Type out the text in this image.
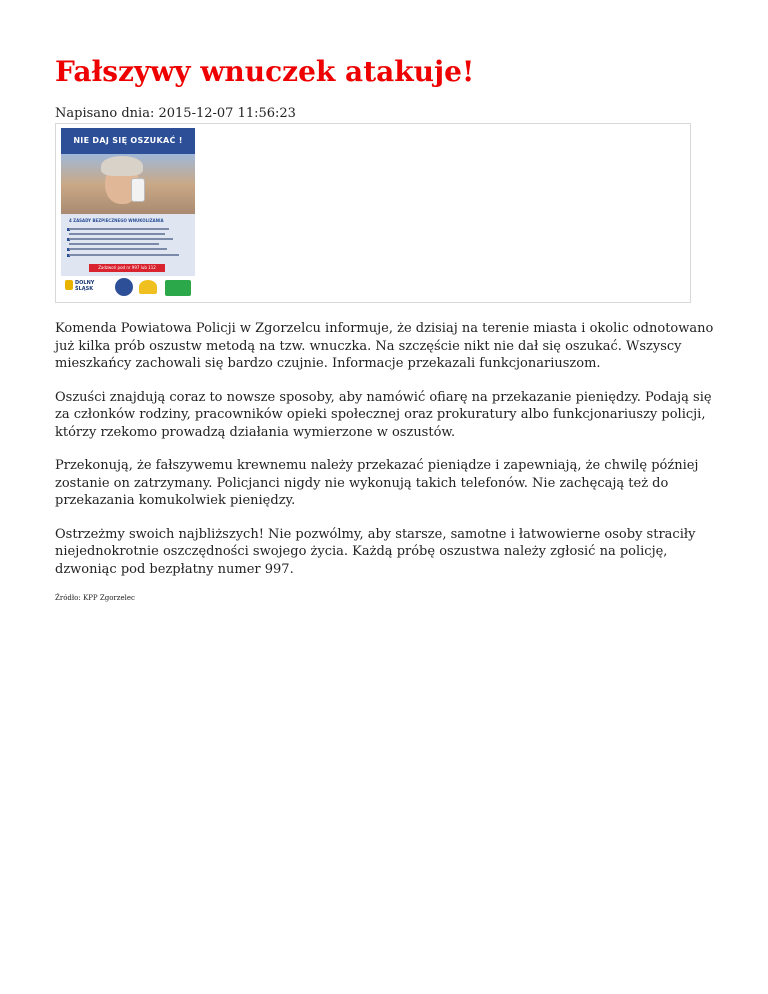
Fałszywy wnuczek atakuje!
Napisano dnia: 2015-12-07 11:56:23
NIE DAJ SIĘ OSZUKAĆ !
4 ZASADY BEZPIECZNEGO WNUKOLIZANIA
Zadzwoń pod nr 997 lub 112
DOLNY ŚLĄSK

Komenda Powiatowa Policji w Zgorzelcu informuje, że dzisiaj na terenie miasta i okolic odnotowano już kilka prób oszustw metodą na tzw. wnuczka. Na szczęście nikt nie dał się oszukać. Wszyscy mieszkańcy zachowali się bardzo czujnie. Informacje przekazali funkcjonariuszom.

Oszuści znajdują coraz to nowsze sposoby, aby namówić ofiarę na przekazanie pieniędzy. Podają się za członków rodziny, pracowników opieki społecznej oraz prokuratury albo funkcjonariuszy policji, którzy rzekomo prowadzą działania wymierzone w oszustów.

Przekonują, że fałszywemu krewnemu należy przekazać pieniądze i zapewniają, że chwilę później zostanie on zatrzymany. Policjanci nigdy nie wykonują takich telefonów. Nie zachęcają też do przekazania komukolwiek pieniędzy.

Ostrzeżmy swoich najbliższych! Nie pozwólmy, aby starsze, samotne i łatwowierne osoby straciły niejednokrotnie oszczędności swojego życia. Każdą próbę oszustwa należy zgłosić na policję, dzwoniąc pod bezpłatny numer 997.

Źródło: KPP Zgorzelec
